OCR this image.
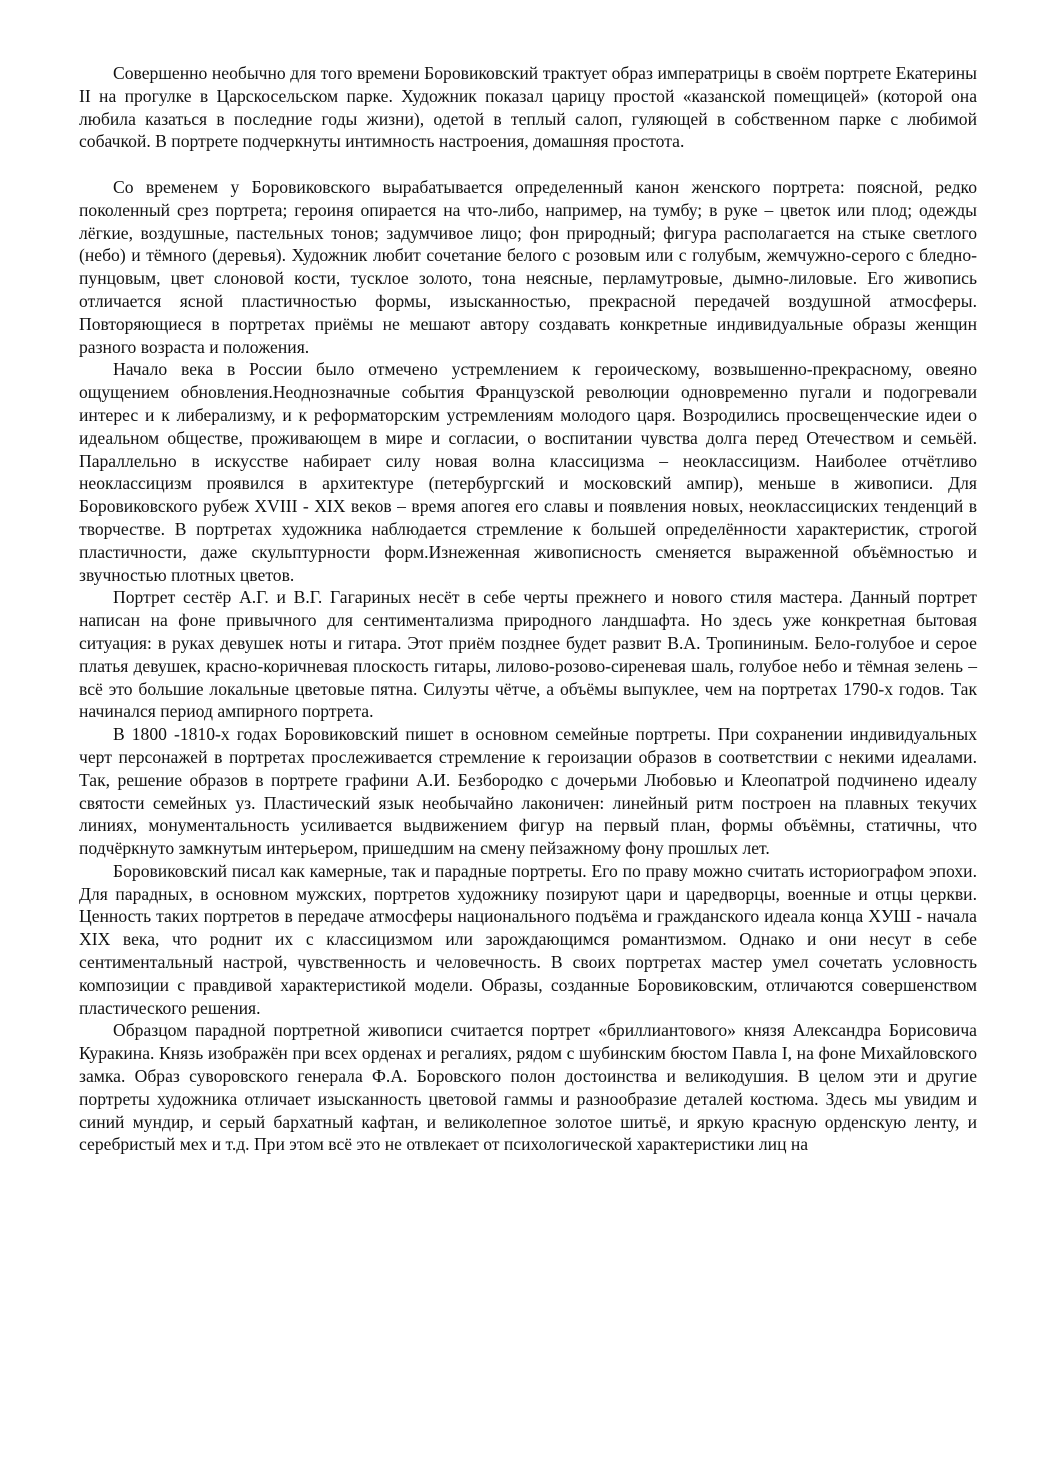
Совершенно необычно для того времени Боровиковский трактует образ императрицы в своём портрете Екатерины II на прогулке в Царскосельском парке. Художник показал царицу простой «казанской помещицей» (которой она любила казаться в последние годы жизни), одетой в теплый салоп, гуляющей в собственном парке с любимой собачкой. В портрете подчеркнуты интимность настроения, домашняя простота.

Со временем у Боровиковского вырабатывается определенный канон женского портрета: поясной, редко поколенный срез портрета; героиня опирается на что-либо, например, на тумбу; в руке – цветок или плод; одежды лёгкие, воздушные, пастельных тонов; задумчивое лицо; фон природный; фигура располагается на стыке светлого (небо) и тёмного (деревья). Художник любит сочетание белого с розовым или с голубым, жемчужно-серого с бледно-пунцовым, цвет слоновой кости, тусклое золото, тона неясные, перламутровые, дымно-лиловые. Его живопись отличается ясной пластичностью формы, изысканностью, прекрасной передачей воздушной атмосферы. Повторяющиеся в портретах приёмы не мешают автору создавать конкретные индивидуальные образы женщин разного возраста и положения.

Начало века в России было отмечено устремлением к героическому, возвышенно-прекрасному, овеяно ощущением обновления.Неоднозначные события Французской революции одновременно пугали и подогревали интерес и к либерализму, и к реформаторским устремлениям молодого царя. Возродились просвещенческие идеи о идеальном обществе, проживающем в мире и согласии, о воспитании чувства долга перед Отечеством и семьёй. Параллельно в искусстве набирает силу новая волна классицизма – неоклассицизм. Наиболее отчётливо неоклассицизм проявился в архитектуре (петербургский и московский ампир), меньше в живописи. Для Боровиковского рубеж XVIII - XIX веков – время апогея его славы и появления новых, неоклассициских тенденций в творчестве. В портретах художника наблюдается стремление к большей определённости характеристик, строгой пластичности, даже скульптурности форм.Изнеженная живописность сменяется выраженной объёмностью и звучностью плотных цветов.

Портрет сестёр А.Г. и В.Г. Гагариных несёт в себе черты прежнего и нового стиля мастера. Данный портрет написан на фоне привычного для сентиментализма природного ландшафта. Но здесь уже конкретная бытовая ситуация: в руках девушек ноты и гитара. Этот приём позднее будет развит В.А. Тропининым. Бело-голубое и серое платья девушек, красно-коричневая плоскость гитары, лилово-розово-сиреневая шаль, голубое небо и тёмная зелень – всё это большие локальные цветовые пятна. Силуэты чётче, а объёмы выпуклее, чем на портретах 1790-х годов. Так начинался период ампирного портрета.

В 1800 -1810-х годах Боровиковский пишет в основном семейные портреты. При сохранении индивидуальных черт персонажей в портретах прослеживается стремление к героизации образов в соответствии с некими идеалами. Так, решение образов в портрете графини А.И. Безбородко с дочерьми Любовью и Клеопатрой подчинено идеалу святости семейных уз. Пластический язык необычайно лаконичен: линейный ритм построен на плавных текучих линиях, монументальность усиливается выдвижением фигур на первый план, формы объёмны, статичны, что подчёркнуто замкнутым интерьером, пришедшим на смену пейзажному фону прошлых лет.

Боровиковский писал как камерные, так и парадные портреты. Его по праву можно считать историографом эпохи. Для парадных, в основном мужских, портретов художнику позируют цари и царедворцы, военные и отцы церкви. Ценность таких портретов в передаче атмосферы национального подъёма и гражданского идеала конца ХУШ - начала XIX века, что роднит их с классицизмом или зарождающимся романтизмом. Однако и они несут в себе сентиментальный настрой, чувственность и человечность. В своих портретах мастер умел сочетать условность композиции с правдивой характеристикой модели. Образы, созданные Боровиковским, отличаются совершенством пластического решения.

Образцом парадной портретной живописи считается портрет «бриллиантового» князя Александра Борисовича Куракина. Князь изображён при всех орденах и регалиях, рядом с шубинским бюстом Павла I, на фоне Михайловского замка. Образ суворовского генерала Ф.А. Боровского полон достоинства и великодушия. В целом эти и другие портреты художника отличает изысканность цветовой гаммы и разнообразие деталей костюма. Здесь мы увидим и синий мундир, и серый бархатный кафтан, и великолепное золотое шитьё, и яркую красную орденскую ленту, и серебристый мех и т.д. При этом всё это не отвлекает от психологической характеристики лиц на
